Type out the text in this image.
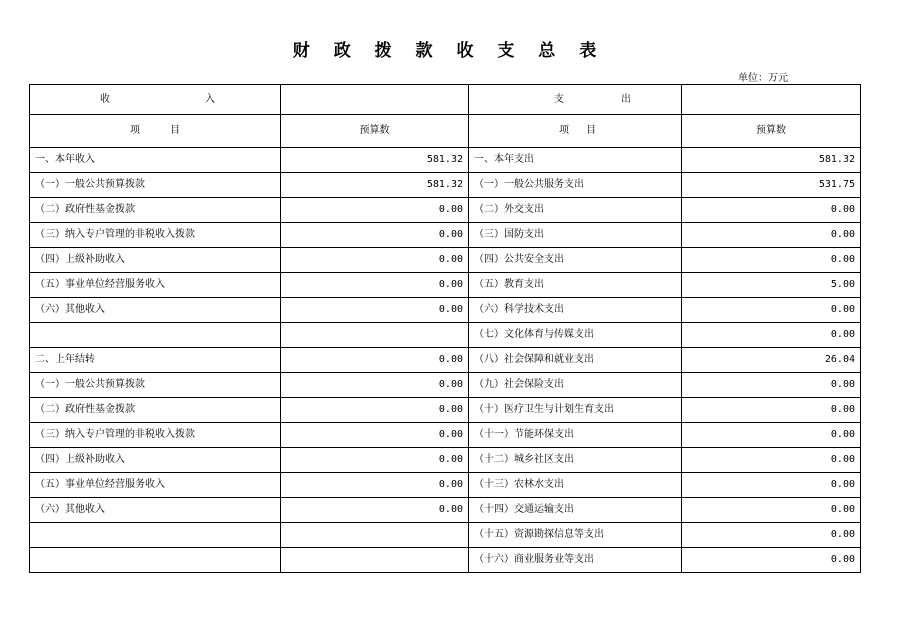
财 政 拨 款 收 支 总 表
单位：万元
收 入		支 出	

项 目	预算数	项 目	预算数
一、本年收入	581.32	一、本年支出	581.32
（一）一般公共预算拨款	581.32	（一）一般公共服务支出	531.75
（二）政府性基金拨款	0.00	（二）外交支出	0.00
（三）纳入专户管理的非税收入拨款	0.00	（三）国防支出	0.00
（四）上级补助收入	0.00	（四）公共安全支出	0.00
（五）事业单位经营服务收入	0.00	（五）教育支出	5.00
（六）其他收入	0.00	（六）科学技术支出	0.00
		（七）文化体育与传媒支出	0.00
二、上年结转	0.00	（八）社会保障和就业支出	26.04
（一）一般公共预算拨款	0.00	（九）社会保险支出	0.00
（二）政府性基金拨款	0.00	（十）医疗卫生与计划生育支出	0.00
（三）纳入专户管理的非税收入拨款	0.00	（十一）节能环保支出	0.00
（四）上级补助收入	0.00	（十二）城乡社区支出	0.00
（五）事业单位经营服务收入	0.00	（十三）农林水支出	0.00
（六）其他收入	0.00	（十四）交通运输支出	0.00
		（十五）资源勘探信息等支出	0.00
		（十六）商业服务业等支出	0.00
